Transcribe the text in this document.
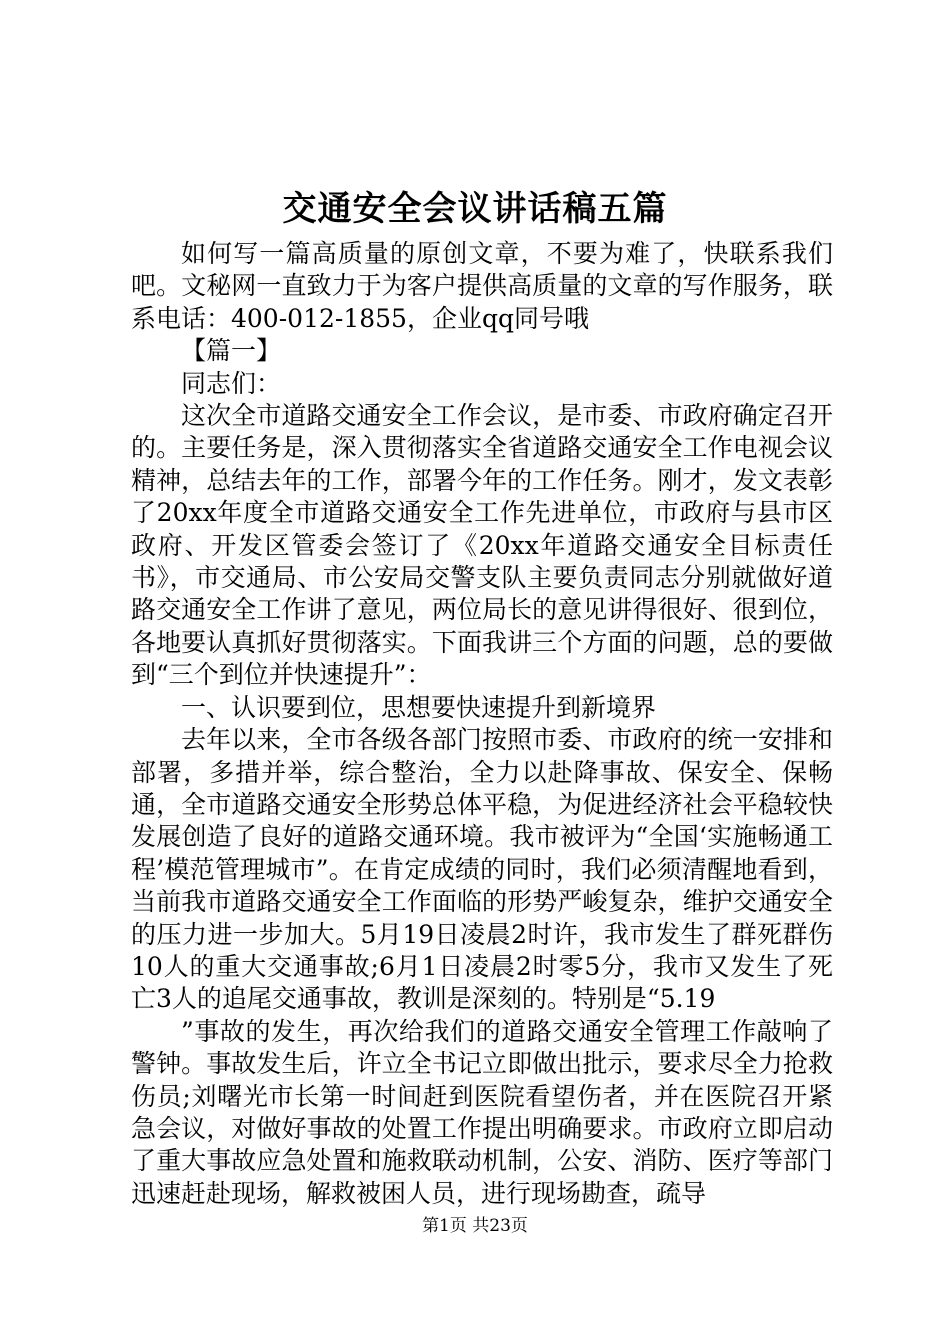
交通安全会议讲话稿五篇

如何写一篇高质量的原创文章，不要为难了，快联系我们吧。文秘网一直致力于为客户提供高质量的文章的写作服务，联系电话：400-012-1855，企业qq同号哦

【篇一】

同志们：

这次全市道路交通安全工作会议，是市委、市政府确定召开的。主要任务是，深入贯彻落实全省道路交通安全工作电视会议精神，总结去年的工作，部署今年的工作任务。刚才，发文表彰了20xx年度全市道路交通安全工作先进单位，市政府与县市区政府、开发区管委会签订了《20xx年道路交通安全目标责任书》，市交通局、市公安局交警支队主要负责同志分别就做好道路交通安全工作讲了意见，两位局长的意见讲得很好、很到位，各地要认真抓好贯彻落实。下面我讲三个方面的问题，总的要做到“三个到位并快速提升”：

一、认识要到位，思想要快速提升到新境界

去年以来，全市各级各部门按照市委、市政府的统一安排和部署，多措并举，综合整治，全力以赴降事故、保安全、保畅通，全市道路交通安全形势总体平稳，为促进经济社会平稳较快发展创造了良好的道路交通环境。我市被评为“全国‘实施畅通工程’模范管理城市”。在肯定成绩的同时，我们必须清醒地看到，当前我市道路交通安全工作面临的形势严峻复杂，维护交通安全的压力进一步加大。5月19日凌晨2时许，我市发生了群死群伤10人的重大交通事故;6月1日凌晨2时零5分，我市又发生了死亡3人的追尾交通事故，教训是深刻的。特别是“5.19

”事故的发生，再次给我们的道路交通安全管理工作敲响了警钟。事故发生后，许立全书记立即做出批示，要求尽全力抢救伤员;刘曙光市长第一时间赶到医院看望伤者，并在医院召开紧急会议，对做好事故的处置工作提出明确要求。市政府立即启动了重大事故应急处置和施救联动机制，公安、消防、医疗等部门迅速赶赴现场，解救被困人员，进行现场勘查，疏导

第1页 共23页
